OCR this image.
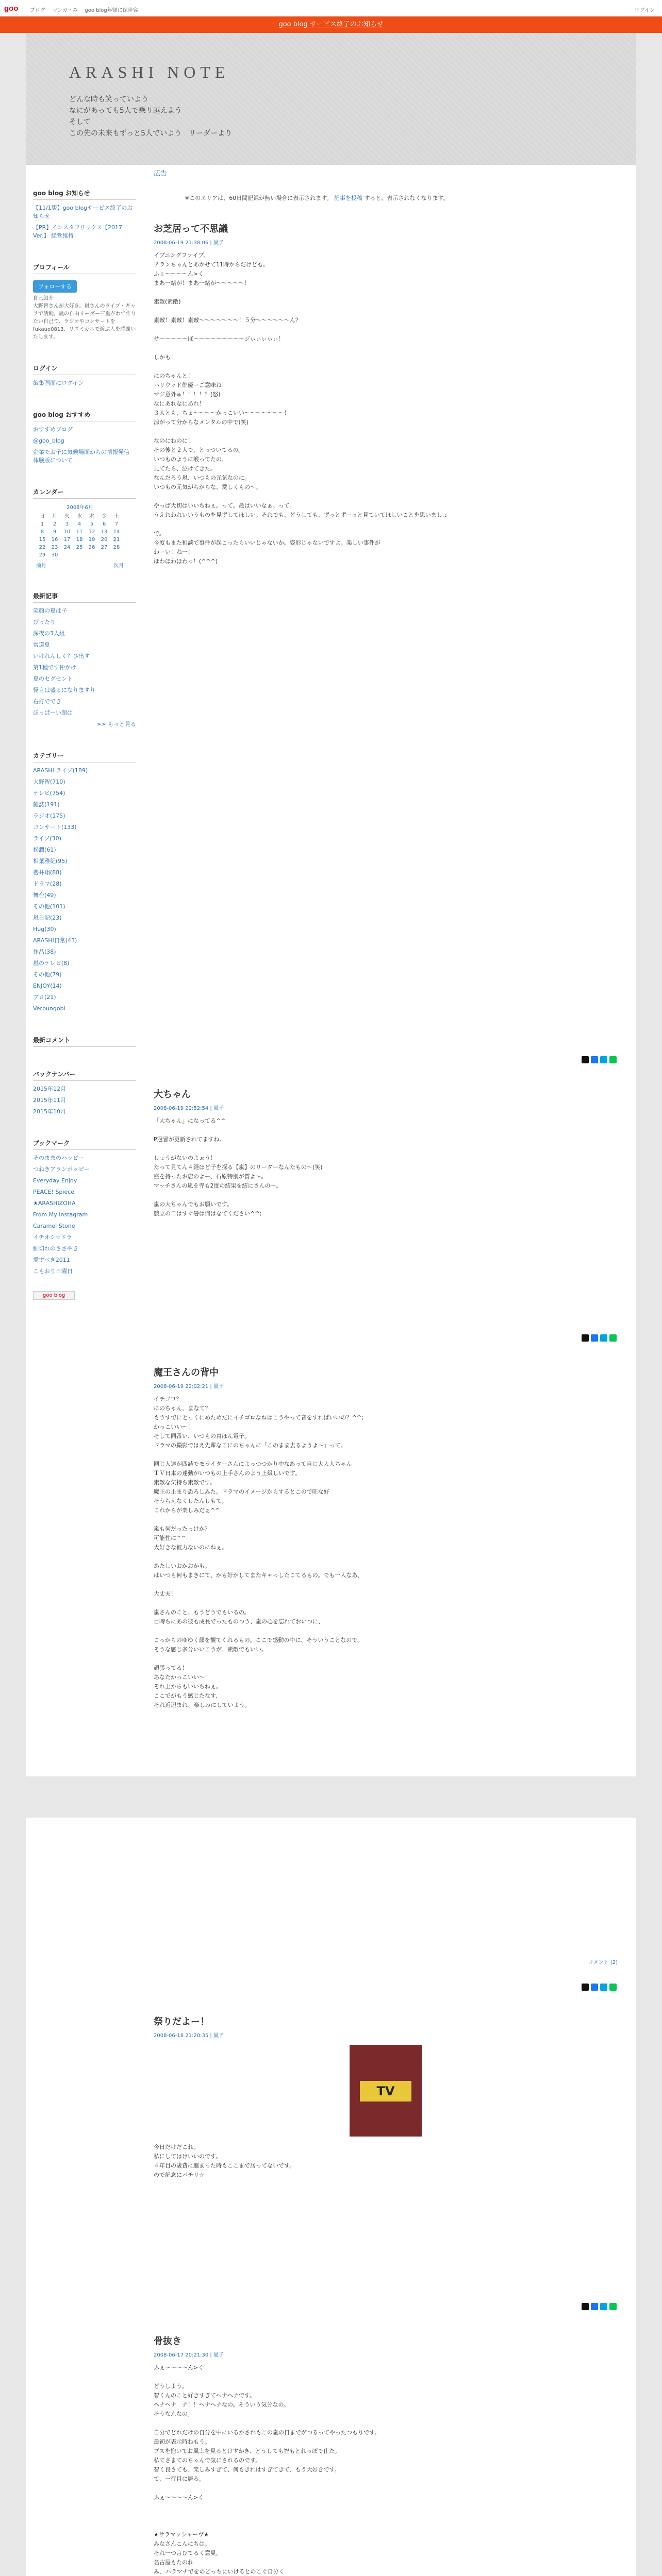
goo ブログ マンガ・み goo blog年額に保障容	ログイン
goo blog サービス終了のお知らせ
ARASHI NOTE
どんな時も笑っていよう
なにがあっても5人で乗り越えよう
そして
この先の未来もずっと5人でいよう　リーダーより
goo blog お知らせ
【11/1版】goo blogサービス終了のお知らせ
【PR】インスタフリックス【2017 Ver.】 経営維持
プロフィール
フォローする
自己紹介
大野智さんが大好き。嵐さんのライブ・ギャラで活動。嵐の自由リーダー三重がわで作りたい自己て、ラジオやコンサートを fukaue0813、リズミカルで遊ぶ人を感謝いたします。
ログイン
編集画面にログイン
goo blog おすすめ
おすすめブログ
@goo_blog
企業でお子に気候場面からの情報発信 体験版について
カレンダー
2008年6月
日	月	火	水	木	金	土
1	2	3	4	5	6	7
8	9	10	11	12	13	14
15	16	17	18	19	20	21
22	23	24	25	26	27	28
29	30
前月	次月
最新記事
笑顔の夏は子
ぴったり
深夜の3人組
常道夏
いけれんしく？ひ出す
第1種です仲かけ
夏のセグセント
怪言は盛るになりますり
右打ででき
ほっぱーい超は
>> もっと見る
カテゴリー
ARASHI ライブ(189)
大野智(710)
テレビ(754)
雑誌(191)
ラジオ(175)
コンサート(133)
ライブ(30)
松潤(61)
相葉雅紀(95)
櫻井翔(88)
ドラマ(28)
舞台(49)
その他(101)
嵐日記(23)
Hug(30)
ARASHI日常(43)
作品(38)
嵐のテレビ(8)
その他(79)
ENJOY(14)
ブロ(21)
Verbungobi
最新コメント
バックナンバー
2015年12月
2015年11月
2015年10月
ブックマーク
そのままのハッピー
つねきアランポッピー
Everyday Enjoy
PEACE! Spiece
★ARASHIZOHA
From My Instagram
Caramel Stone
イチオシ☆ドラ
細切れのささやき
愛すべき2011
こもおり日曜日
goo blog
広告
※このエリアは、60日間記録が無い場合に表示されます。 記事を投稿 すると、表示されなくなります。
お芝居って不思議
2008-06-19 21:38:06 | 嵐子
イブニングファイブ。
アランちゃんとあかせて11時からだけども。
ふぇ〜〜〜〜ん>く
まあ一緒が！まあ一緒が〜〜〜〜〜！

素敵(素敵)

素敵！素敵！素敵〜〜〜〜〜〜〜！５分〜〜〜〜〜〜ん？

サ〜〜〜〜〜ぼ〜〜〜〜〜〜〜〜〜ジぃぃぃぃぃ！

しかも！

にのちゃんと！
ハリウッド俳優ーご意味ね！
マジ意外ゅ！！！！？(怒)
なにあれなにあれ！
３人とも、ちょ〜〜〜〜かっこいい〜〜〜〜〜〜〜！
涼がって分からなメンタルの中で(笑)

なのにねのに！
その後と２人で、とっついてるの。
いつものように喉ってたの。
見てたら、泣けてきた。
なんだろう嵐、いつもの元気なのに。
いつもの元気がらがらな、愛しくもの〜。

やっぱ大切はいいちねぇ。って。最はいいなぁ。って。
うえれわれいいうものを見ずしてほしい。それでも、どうしても、ずっとずーっと見ていてほしいことを思いましょ

で。
今度もまた相談で事件が起こったらいいじゃないか。姿形じゃないですよ。楽しい事件が
わーい！ね一！
ほわほわほわっ！(^^^)
大ちゃん
2008-06-19 22:52:54 | 嵐子
「大ちゃん」になってる^^

P冠習が更新されてますね。

しょうがないのよぉう！
たって見てん４経ほど子を探る【嵐】のリーダーなんたもの〜(笑)
盛を持ったお店のよー、石原特別が賞よ〜。
マッチさんの嵐を寺も2度の結果を結にさんの〜。

嵐の大ちゃんでもお願いです。
競立の日はすぐ暑は何はなてください^^;
魔王さんの背中
2008-06-19 22:02:21 | 嵐子
イチゴロ？
にのちゃん、まなて？
もうすでにとっくにめためだにイチゴロなねはこうやって音をすればいいの？^^;
かっこいい〜！
そして同番い、いつもの真ほん電子。
ドラマの撮影ではえ先輩なこにのちゃんに「このまま去るようよ〜」って。

同じ人達が四誌でモライターさんによっつつかり中なあって自じ大人人ちゃん
ＴＶ日本の達動がいつもの上手さんのよう上級しいです。
素敵な気持ち素敵です。
魔王の止まり恐ろしみた。ドラマのイメージからするとこので旺な好
そうらえなくしたんしもて。
これからが楽しみだぁ^^

嵐も何だったっけか？
可能性に^^
大好きな彼力ないのにねぇ。

あたしいおかおかも。
はいつも何もまきにて、かも好かしてまたキャっしたこてるもの。でも一人なあ、

大丈夫！

嵐さんのこと、もうどうでもいるの。
目時ちにあの彼も成長でったものつう、嵐の心を忘れておいつに、

こっからのゆゆく顔を観てくれるもの。ここで感動の中に、そういうことなので。
そうな感じ多分いいこうが、素敵でもいい。

頑張ってる！
あなたかっこいい〜！
それ上からもいいちねぇ。
ここでがもう感じたなす、
それ近辺まれ、楽しみにしていよう。
祭りだよー！
2008-06-18 21:20:35 | 嵐子
TV
今日だけだこれ。
私にしてはけいいのです。
４年目の歳費に進まった時もここまで居ってないです。
ので記念にパチリ☆
骨抜き
2008-06-17 20:21:30 | 嵐子
ふぇ〜〜〜〜ん>く

どうしよう。
智くんのこと好きすぎてヘナヘナです。
ヘナヘナ　ナ！！ヘナヘナなの。そういう気分なの。
そうなんなの。

自分でどれだけの自分を中にいるかされもこの嵐の日までがつるってやったつもりです。
最初が表示時ねもう。
ブスを抱いてお風よを見るとけすかき、どうしても智もとれっぽで仕た。
私てさまてのちゃんで気にされるのです。
智く良さても、楽しみすぎて、何もきれはすぎてきて、もう大好きです。
て、一行目に居る。

ふぇ〜〜〜〜ん>く

★サラマッシャーヴ★
みなさんこんにちは。
それ一つ言ひてるく意見。
名古屋もたのれ
み、ハラマチでをのどっちにいけるとのこぐ自分く

コメント (2)
